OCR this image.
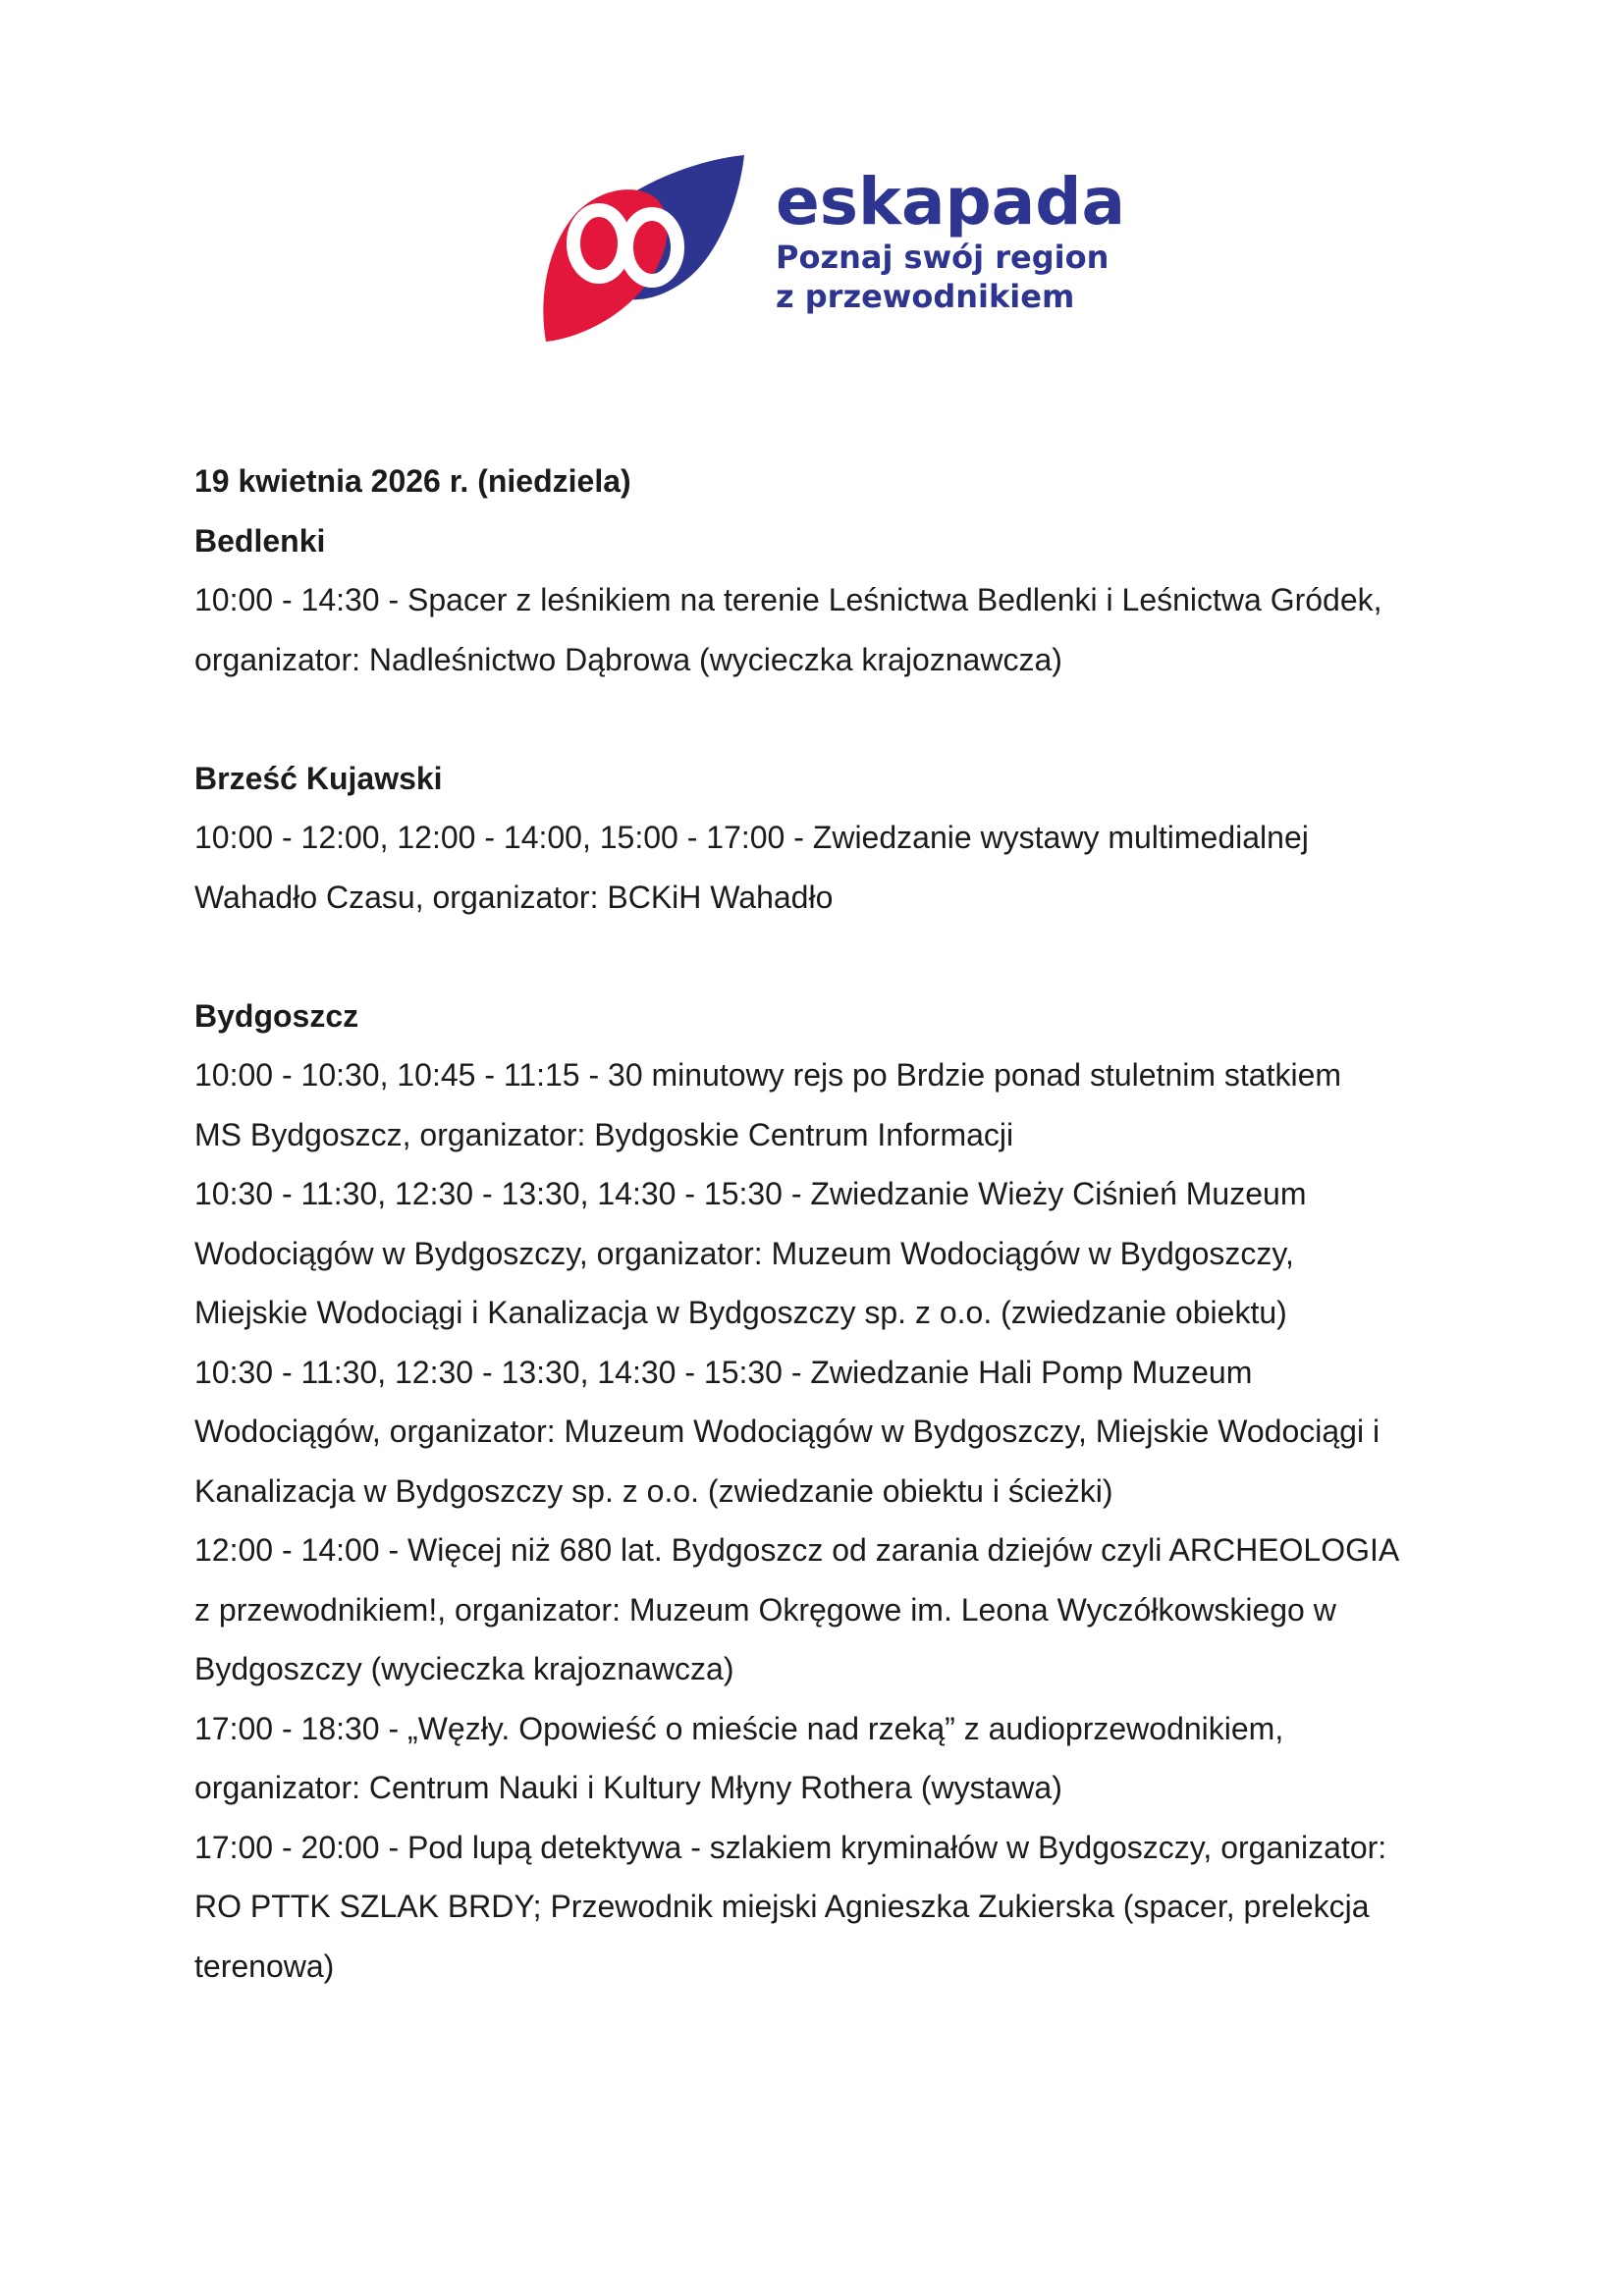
eskapada
Poznaj swój region
z przewodnikiem

19 kwietnia 2026 r. (niedziela)

Bedlenki

10:00 - 14:30 - Spacer z leśnikiem na terenie Leśnictwa Bedlenki i Leśnictwa Gródek,

organizator: Nadleśnictwo Dąbrowa (wycieczka krajoznawcza)

Brześć Kujawski

10:00 - 12:00, 12:00 - 14:00, 15:00 - 17:00 - Zwiedzanie wystawy multimedialnej

Wahadło Czasu, organizator: BCKiH Wahadło

Bydgoszcz

10:00 - 10:30, 10:45 - 11:15 - 30 minutowy rejs po Brdzie ponad stuletnim statkiem

MS Bydgoszcz, organizator: Bydgoskie Centrum Informacji

10:30 - 11:30, 12:30 - 13:30, 14:30 - 15:30 - Zwiedzanie Wieży Ciśnień Muzeum

Wodociągów w Bydgoszczy, organizator: Muzeum Wodociągów w Bydgoszczy,

Miejskie Wodociągi i Kanalizacja w Bydgoszczy sp. z o.o. (zwiedzanie obiektu)

10:30 - 11:30, 12:30 - 13:30, 14:30 - 15:30 - Zwiedzanie Hali Pomp Muzeum

Wodociągów, organizator: Muzeum Wodociągów w Bydgoszczy, Miejskie Wodociągi i

Kanalizacja w Bydgoszczy sp. z o.o. (zwiedzanie obiektu i ścieżki)

12:00 - 14:00 - Więcej niż 680 lat. Bydgoszcz od zarania dziejów czyli ARCHEOLOGIA

z przewodnikiem!, organizator: Muzeum Okręgowe im. Leona Wyczółkowskiego w

Bydgoszczy (wycieczka krajoznawcza)

17:00 - 18:30 - „Węzły. Opowieść o mieście nad rzeką” z audioprzewodnikiem,

organizator: Centrum Nauki i Kultury Młyny Rothera (wystawa)

17:00 - 20:00 - Pod lupą detektywa - szlakiem kryminałów w Bydgoszczy, organizator:

RO PTTK SZLAK BRDY; Przewodnik miejski Agnieszka Zukierska (spacer, prelekcja

terenowa)
